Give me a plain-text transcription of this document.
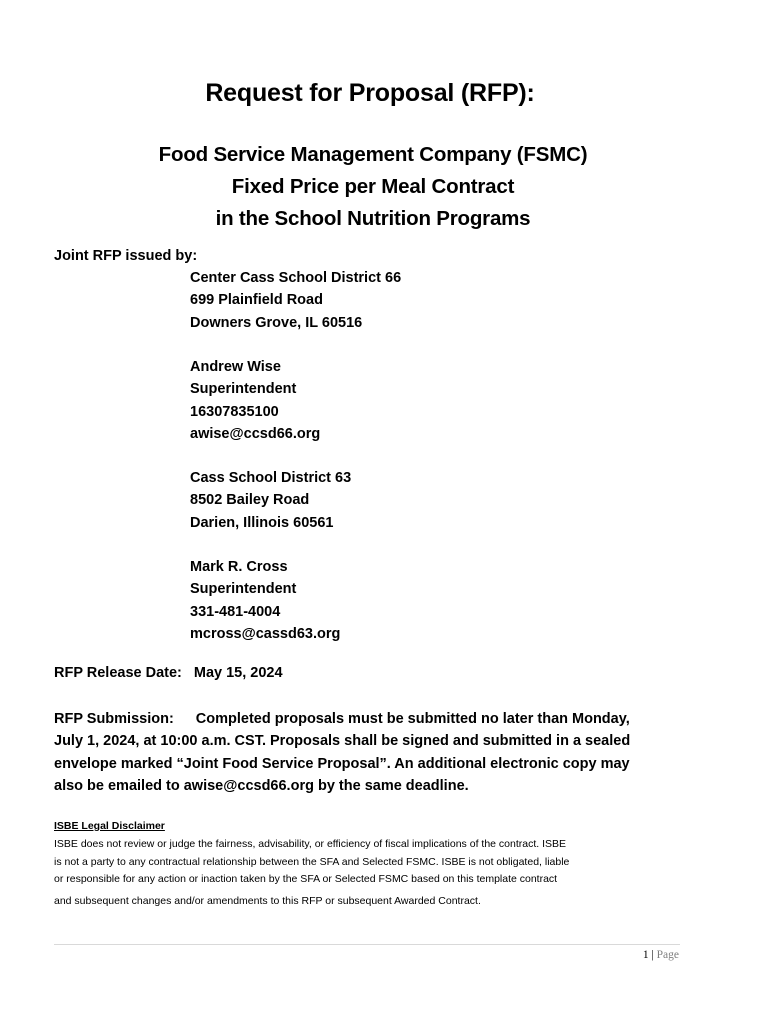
Request for Proposal (RFP):
Food Service Management Company (FSMC)
Fixed Price per Meal Contract
in the School Nutrition Programs
Joint RFP issued by:
Center Cass School District 66
699 Plainfield Road
Downers Grove, IL 60516
Andrew Wise
Superintendent
16307835100
awise@ccsd66.org
Cass School District 63
8502 Bailey Road
Darien, Illinois 60561
Mark R. Cross
Superintendent
331-481-4004
mcross@cassd63.org
RFP Release Date: May 15, 2024
RFP Submission: Completed proposals must be submitted no later than Monday,
July 1, 2024, at 10:00 a.m. CST. Proposals shall be signed and submitted in a sealed
envelope marked “Joint Food Service Proposal”. An additional electronic copy may
also be emailed to awise@ccsd66.org by the same deadline.
ISBE Legal Disclaimer
ISBE does not review or judge the fairness, advisability, or efficiency of fiscal implications of the contract. ISBE
is not a party to any contractual relationship between the SFA and Selected FSMC. ISBE is not obligated, liable
or responsible for any action or inaction taken by the SFA or Selected FSMC based on this template contract
and subsequent changes and/or amendments to this RFP or subsequent Awarded Contract.
1 | Page
